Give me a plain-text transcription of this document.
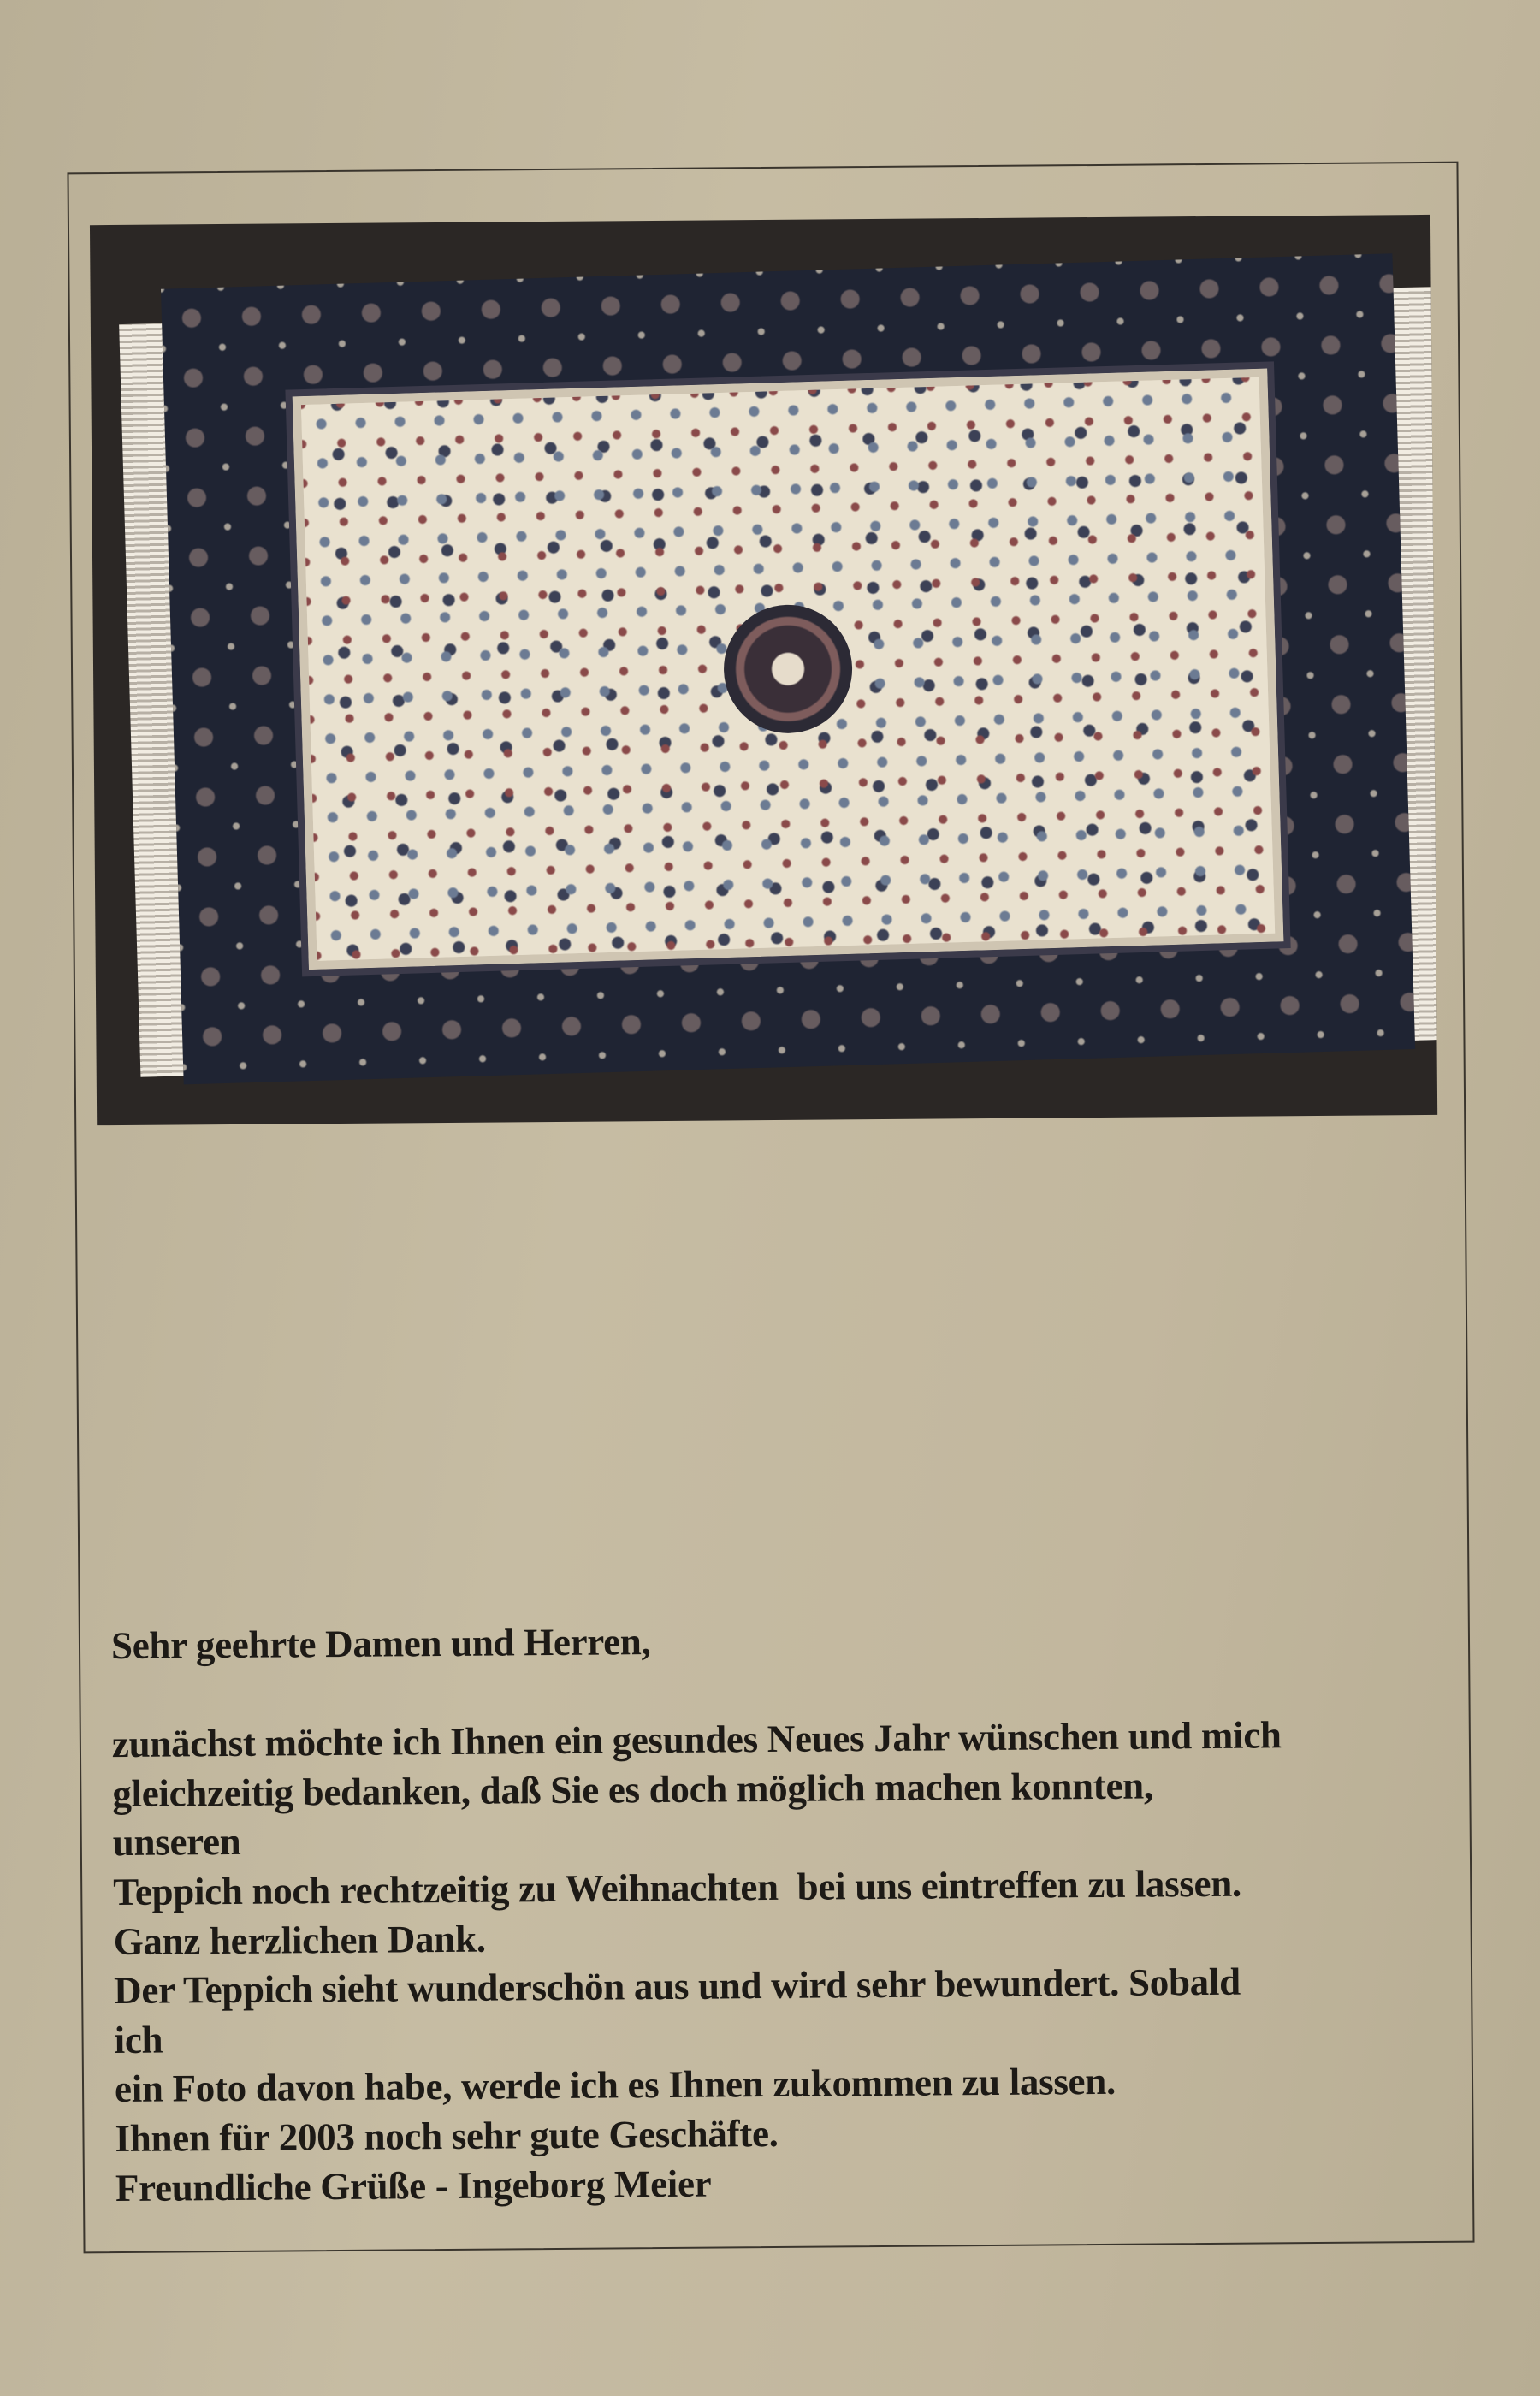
Sehr geehrte Damen und Herren,
zunächst möchte ich Ihnen ein gesundes Neues Jahr wünschen und mich
gleichzeitig bedanken, daß Sie es doch möglich machen konnten,
unseren
Teppich noch rechtzeitig zu Weihnachten  bei uns eintreffen zu lassen.
Ganz herzlichen Dank.
Der Teppich sieht wunderschön aus und wird sehr bewundert. Sobald
ich
ein Foto davon habe, werde ich es Ihnen zukommen zu lassen.
Ihnen für 2003 noch sehr gute Geschäfte.
Freundliche Grüße - Ingeborg Meier
